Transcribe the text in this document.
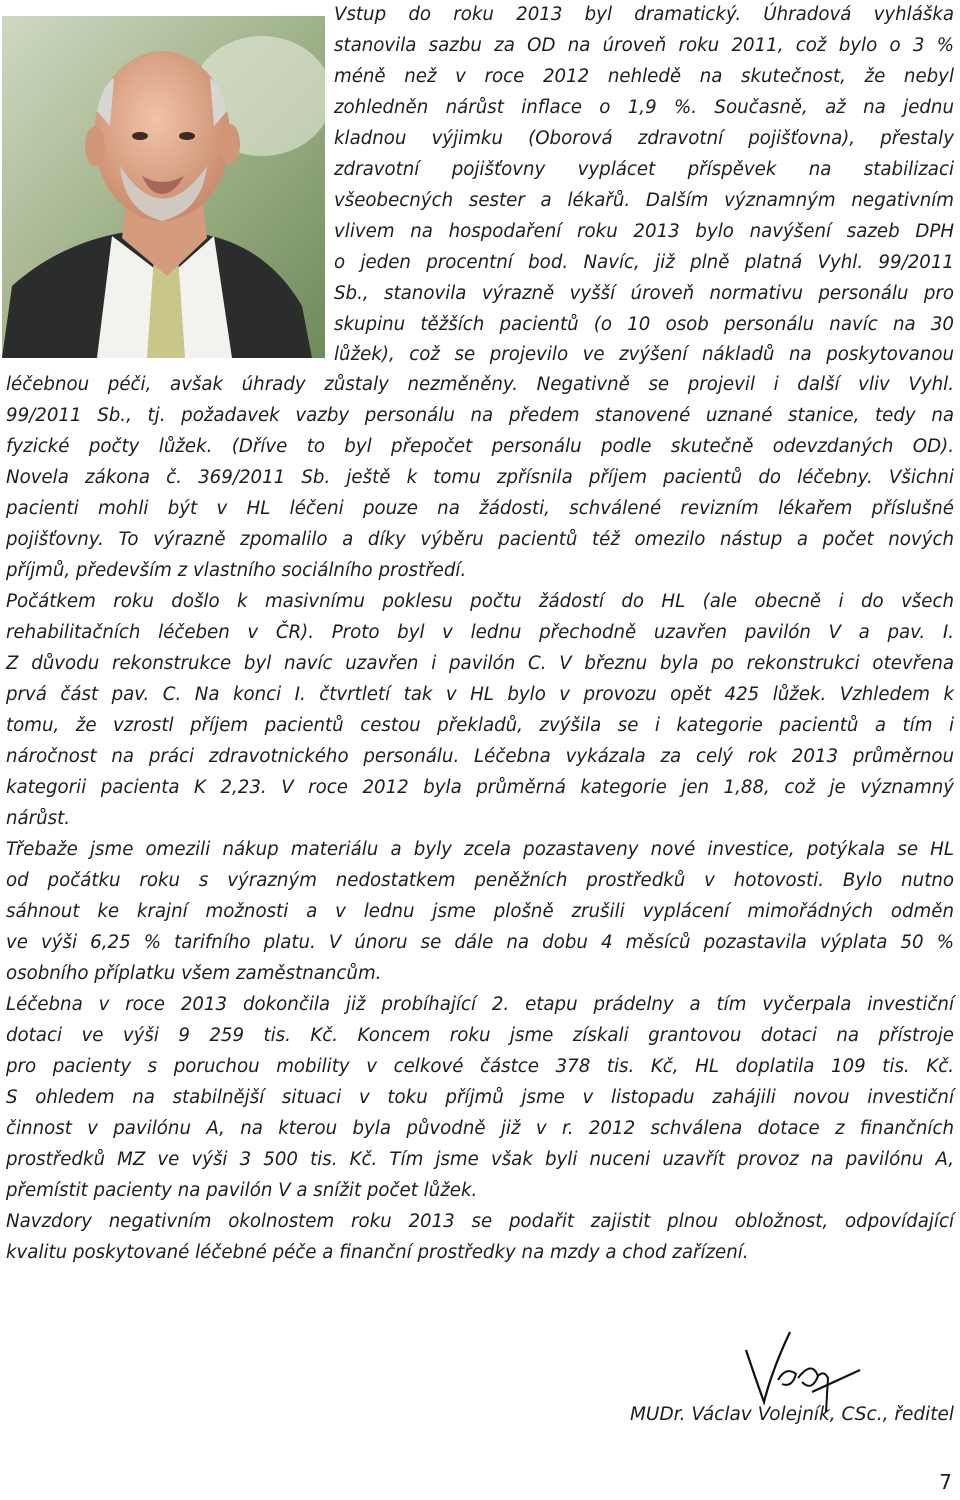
Vstup do roku 2013 byl dramatický. Úhradová vyhláška
stanovila sazbu za OD na úroveň roku 2011, což bylo o 3 %
méně než v roce 2012 nehledě na skutečnost, že nebyl
zohledněn nárůst inflace o 1,9 %. Současně, až na jednu
kladnou výjimku (Oborová zdravotní pojišťovna), přestaly
zdravotní pojišťovny vyplácet příspěvek na stabilizaci
všeobecných sester a lékařů. Dalším významným negativním
vlivem na hospodaření roku 2013 bylo navýšení sazeb DPH
o jeden procentní bod. Navíc, již plně platná Vyhl. 99/2011
Sb., stanovila výrazně vyšší úroveň normativu personálu pro
skupinu těžších pacientů (o 10 osob personálu navíc na 30
lůžek), což se projevilo ve zvýšení nákladů na poskytovanou
léčebnou péči, avšak úhrady zůstaly nezměněny. Negativně se projevil i další vliv Vyhl.
99/2011 Sb., tj. požadavek vazby personálu na předem stanovené uznané stanice, tedy na
fyzické počty lůžek. (Dříve to byl přepočet personálu podle skutečně odevzdaných OD).
Novela zákona č. 369/2011 Sb. ještě k tomu zpřísnila příjem pacientů do léčebny. Všichni
pacienti mohli být v HL léčeni pouze na žádosti, schválené revizním lékařem příslušné
pojišťovny. To výrazně zpomalilo a díky výběru pacientů též omezilo nástup a počet nových
příjmů, především z vlastního sociálního prostředí.
Počátkem roku došlo k masivnímu poklesu počtu žádostí do HL (ale obecně i do všech
rehabilitačních léčeben v ČR). Proto byl v lednu přechodně uzavřen pavilón V a pav. I.
Z důvodu rekonstrukce byl navíc uzavřen i pavilón C. V březnu byla po rekonstrukci otevřena
prvá část pav. C. Na konci I. čtvrtletí tak v HL bylo v provozu opět 425 lůžek. Vzhledem k
tomu, že vzrostl příjem pacientů cestou překladů, zvýšila se i kategorie pacientů a tím i
náročnost na práci zdravotnického personálu. Léčebna vykázala za celý rok 2013 průměrnou
kategorii pacienta K 2,23. V roce 2012 byla průměrná kategorie jen 1,88, což je významný
nárůst.
Třebaže jsme omezili nákup materiálu a byly zcela pozastaveny nové investice, potýkala se HL
od počátku roku s výrazným nedostatkem peněžních prostředků v hotovosti. Bylo nutno
sáhnout ke krajní možnosti a v lednu jsme plošně zrušili vyplácení mimořádných odměn
ve výši 6,25 % tarifního platu. V únoru se dále na dobu 4 měsíců pozastavila výplata 50 %
osobního příplatku všem zaměstnancům.
Léčebna v roce 2013 dokončila již probíhající 2. etapu prádelny a tím vyčerpala investiční
dotaci ve výši 9 259 tis. Kč. Koncem roku jsme získali grantovou dotaci na přístroje
pro pacienty s poruchou mobility v celkové částce 378 tis. Kč, HL doplatila 109 tis. Kč.
S ohledem na stabilnější situaci v toku příjmů jsme v listopadu zahájili novou investiční
činnost v pavilónu A, na kterou byla původně již v r. 2012 schválena dotace z finančních
prostředků MZ ve výši 3 500 tis. Kč. Tím jsme však byli nuceni uzavřít provoz na pavilónu A,
přemístit pacienty na pavilón V a snížit počet lůžek.
Navzdory negativním okolnostem roku 2013 se podařit zajistit plnou obložnost, odpovídající
kvalitu poskytované léčebné péče a finanční prostředky na mzdy a chod zařízení.
MUDr. Václav Volejník, CSc., ředitel
7
